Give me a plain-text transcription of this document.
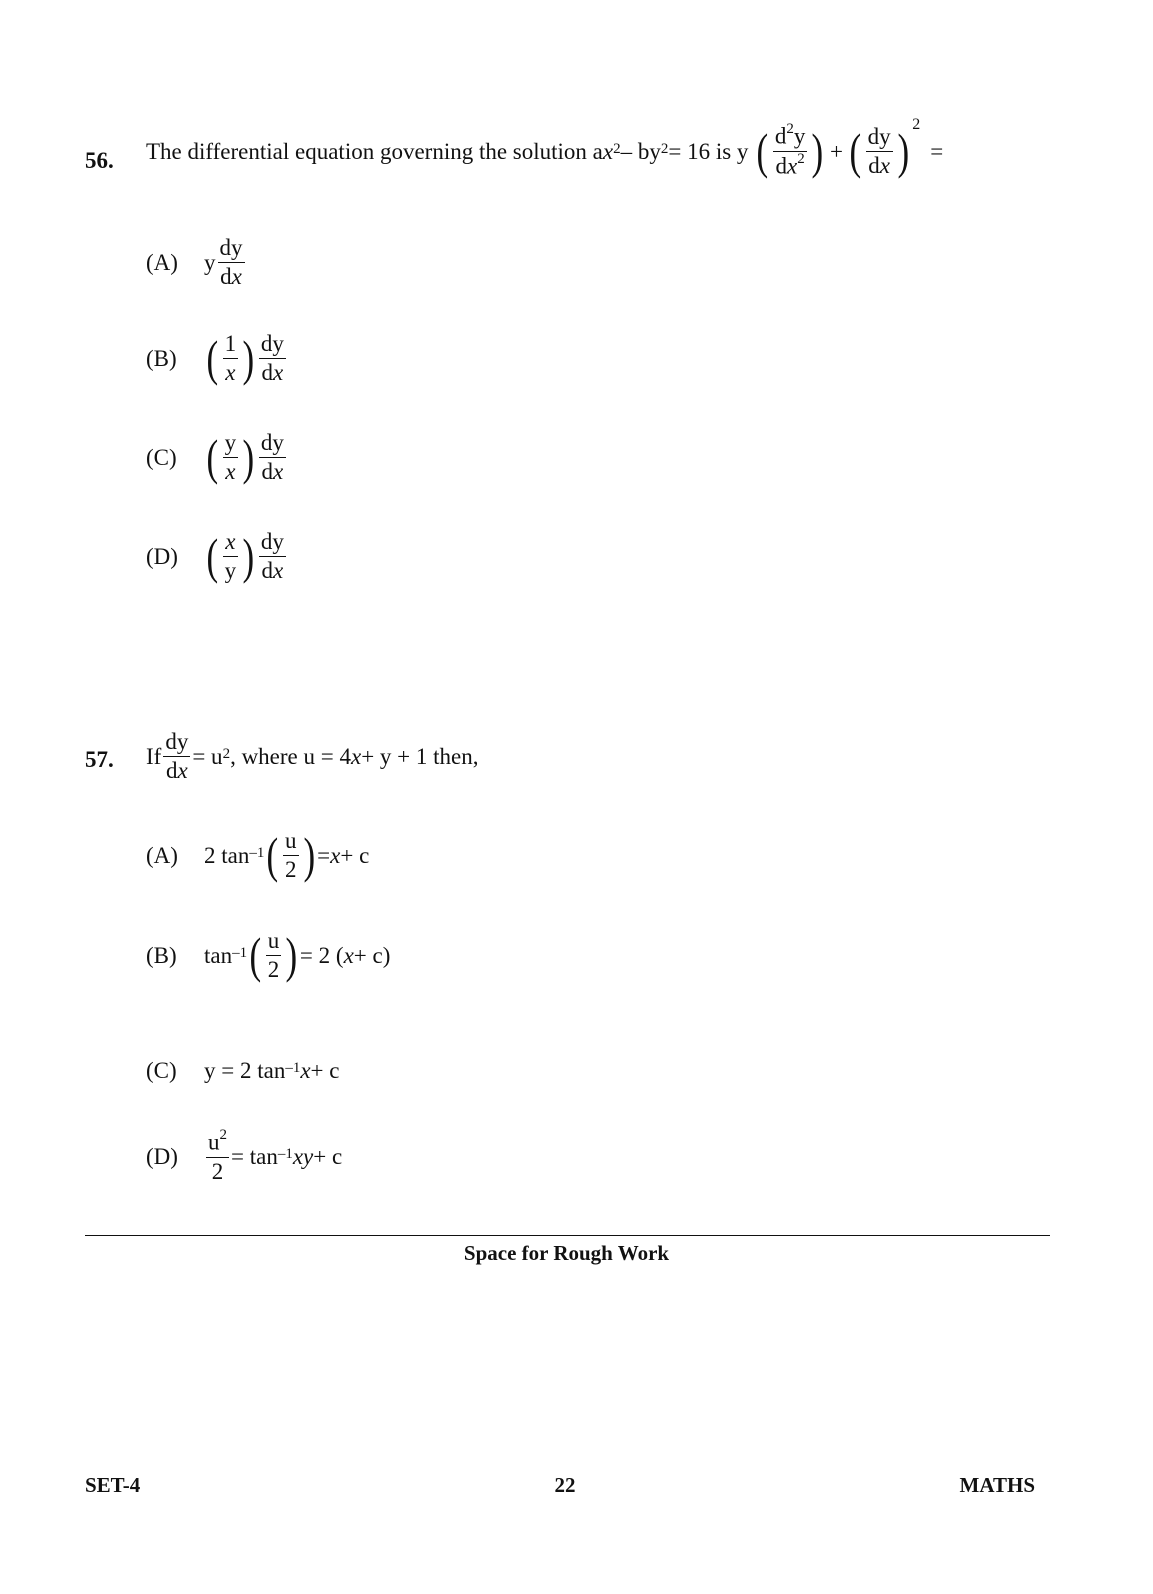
56. The differential equation governing the solution a x 2 – by 2 = 16 is y
( $\frac{d^2y}{dx^2}$ ) + ( $\frac{dy}{dx}$ ) 2
=
(A)	y $\frac{dy}{dx}$
(B) ( $\frac{1}{x}$ ) $\frac{dy}{dx}$
(C) ( $\frac{y}{x}$ ) $\frac{dy}{dx}$
(D) ( $\frac{x}{y}$ ) $\frac{dy}{dx}$
57. If $\frac{dy}{dx} = u$ 2 , where u = 4 x + y + 1 then,
(A)	2 tan –1 ( $\frac{u}{2}$ ) = x + c
(B)	tan –1 ( $\frac{u}{2}$ ) = 2 ( x + c)
(C)	y = 2 tan –1 x + c
(D)	$\frac{u^2}{2} = \tan -1$ xy + c
Space for Rough Work
SET-4	22	MATHS
